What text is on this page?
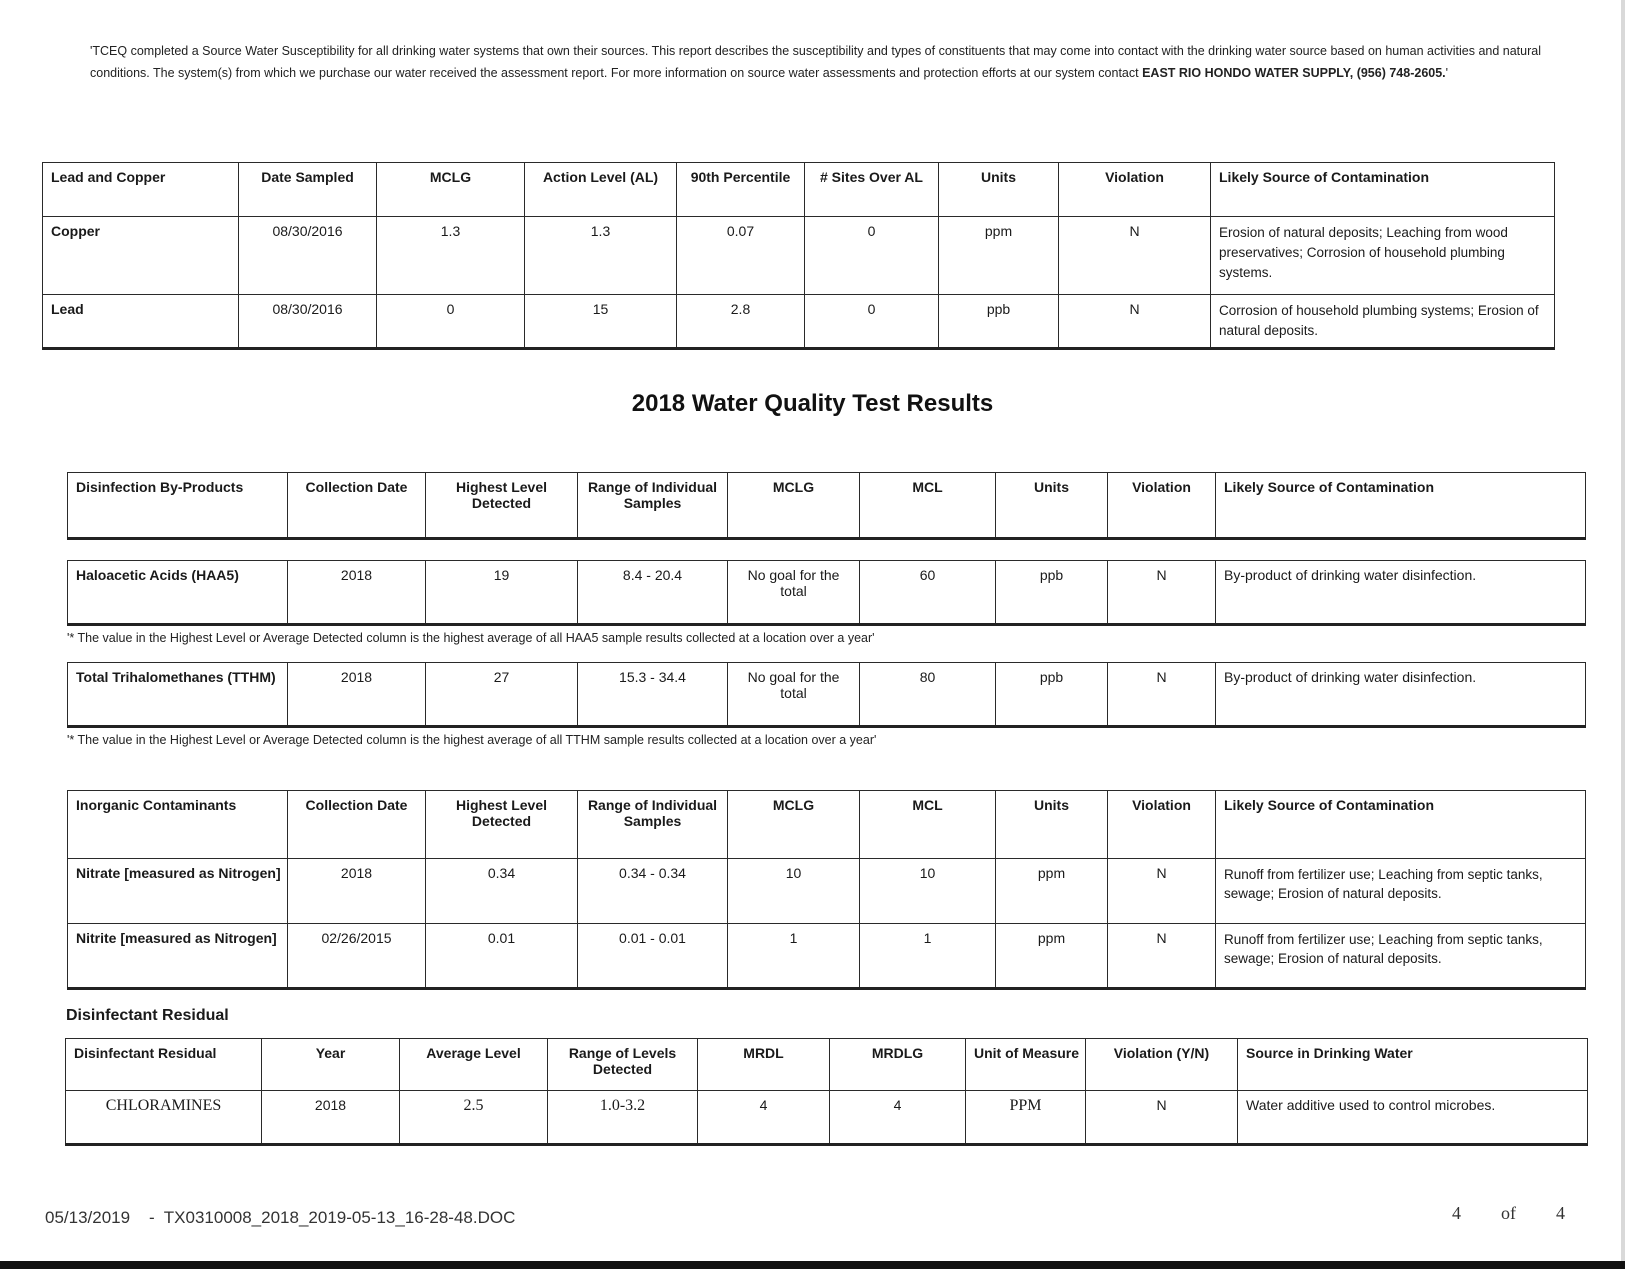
'TCEQ completed a Source Water Susceptibility for all drinking water systems that own their sources. This report describes the susceptibility and types of constituents that may come into contact with the drinking water source based on human activities and natural conditions. The system(s) from which we purchase our water received the assessment report. For more information on source water assessments and protection efforts at our system contact EAST RIO HONDO WATER SUPPLY, (956) 748-2605.'
Lead and Copper	Date Sampled	MCLG	Action Level (AL)	90th Percentile	# Sites Over AL	Units	Violation	Likely Source of Contamination
Copper	08/30/2016	1.3	1.3	0.07	0	ppm	N	Erosion of natural deposits; Leaching from wood preservatives; Corrosion of household plumbing systems.
Lead	08/30/2016	0	15	2.8	0	ppb	N	Corrosion of household plumbing systems; Erosion of natural deposits.
2018 Water Quality Test Results
Disinfection By-Products	Collection Date	Highest Level Detected	Range of Individual Samples	MCLG	MCL	Units	Violation	Likely Source of Contamination
Haloacetic Acids (HAA5)	2018	19	8.4 - 20.4	No goal for the total	60	ppb	N	By-product of drinking water disinfection.
'* The value in the Highest Level or Average Detected column is the highest average of all HAA5 sample results collected at a location over a year'
Total Trihalomethanes (TTHM)	2018	27	15.3 - 34.4	No goal for the total	80	ppb	N	By-product of drinking water disinfection.
'* The value in the Highest Level or Average Detected column is the highest average of all TTHM sample results collected at a location over a year'
Inorganic Contaminants	Collection Date	Highest Level Detected	Range of Individual Samples	MCLG	MCL	Units	Violation	Likely Source of Contamination
Nitrate [measured as Nitrogen]	2018	0.34	0.34 - 0.34	10	10	ppm	N	Runoff from fertilizer use; Leaching from septic tanks, sewage; Erosion of natural deposits.
Nitrite [measured as Nitrogen]	02/26/2015	0.01	0.01 - 0.01	1	1	ppm	N	Runoff from fertilizer use; Leaching from septic tanks, sewage; Erosion of natural deposits.
Disinfectant Residual
Disinfectant Residual	Year	Average Level	Range of Levels Detected	MRDL	MRDLG	Unit of Measure	Violation (Y/N)	Source in Drinking Water
CHLORAMINES	2018	2.5	1.0-3.2	4	4	PPM	N	Water additive used to control microbes.
05/13/2019    -  TX0310008_2018_2019-05-13_16-28-48.DOC	4 of 4
